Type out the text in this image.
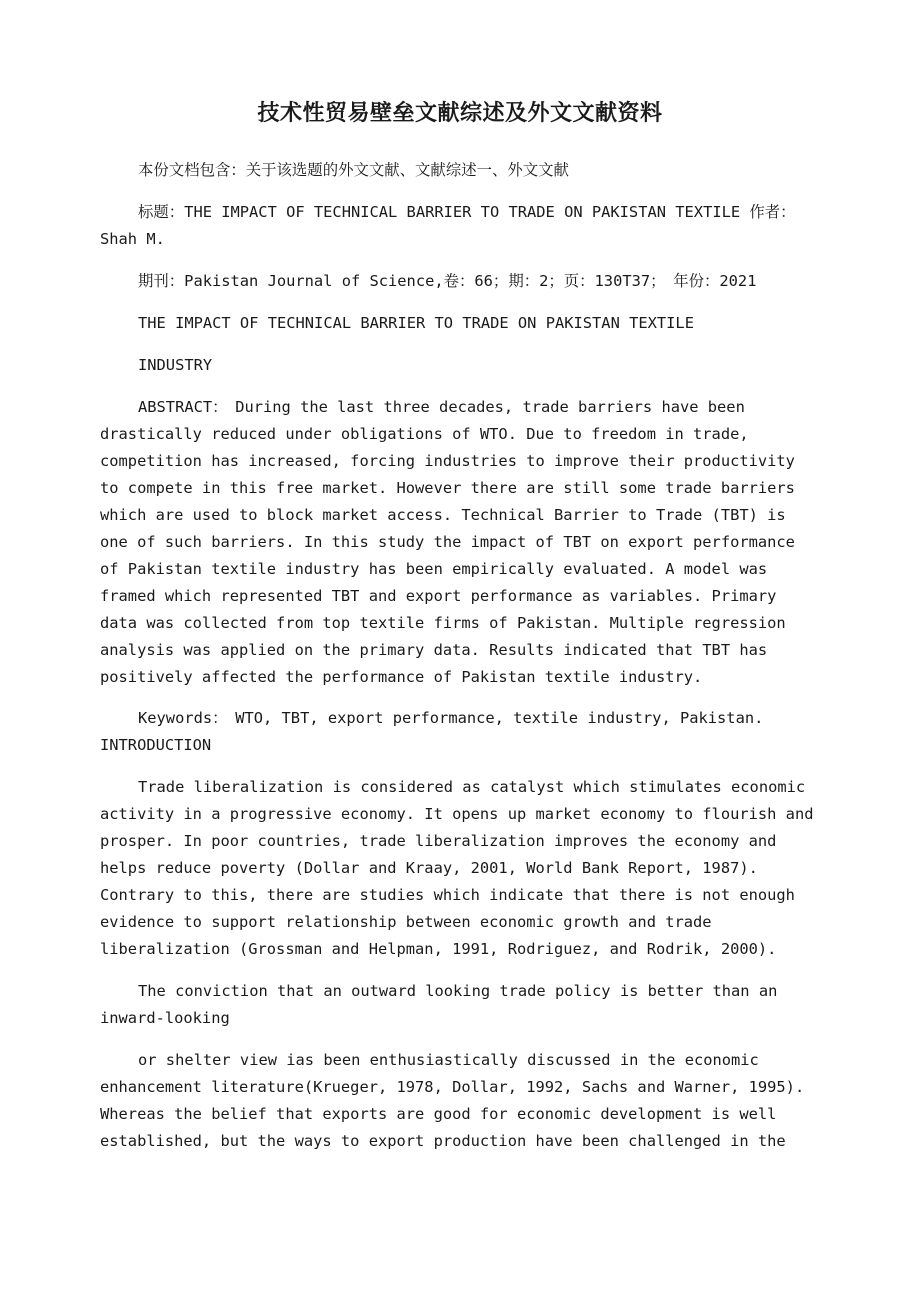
技术性贸易壁垒文献综述及外文文献资料

本份文档包含：关于该选题的外文文献、文献综述一、外文文献

标题：THE IMPACT OF TECHNICAL BARRIER TO TRADE ON PAKISTAN TEXTILE 作者： Shah M.

期刊：Pakistan Journal of Science,卷：66；期：2；页：130T37；　年份：2021

THE IMPACT OF TECHNICAL BARRIER TO TRADE ON PAKISTAN TEXTILE

INDUSTRY

ABSTRACT：　During the last three decades, trade barriers have been drastically reduced under obligations of WTO. Due to freedom in trade, competition has increased, forcing industries to improve their productivity to compete in this free market. However there are still some trade barriers which are used to block market access. Technical Barrier to Trade (TBT) is one of such barriers. In this study the impact of TBT on export performance of Pakistan textile industry has been empirically evaluated. A model was framed which represented TBT and export performance as variables. Primary data was collected from top textile firms of Pakistan. Multiple regression analysis was applied on the primary data. Results indicated that TBT has positively affected the performance of Pakistan textile industry.

Keywords：　WTO, TBT, export performance, textile industry, Pakistan.

INTRODUCTION

Trade liberalization is considered as catalyst which stimulates economic activity in a progressive economy. It opens up market economy to flourish and prosper. In poor countries, trade liberalization improves the economy and helps reduce poverty (Dollar and Kraay, 2001, World Bank Report, 1987). Contrary to this, there are studies which indicate that there is not enough evidence to support relationship between economic growth and trade liberalization (Grossman and Helpman, 1991, Rodriguez, and Rodrik, 2000).

The conviction that an outward looking trade policy is better than an inward-looking

or shelter view ias been enthusiastically discussed in the economic enhancement literature(Krueger, 1978, Dollar, 1992, Sachs and Warner, 1995). Whereas the belief that exports are good for economic development is well established, but the ways to export production have been challenged in the
